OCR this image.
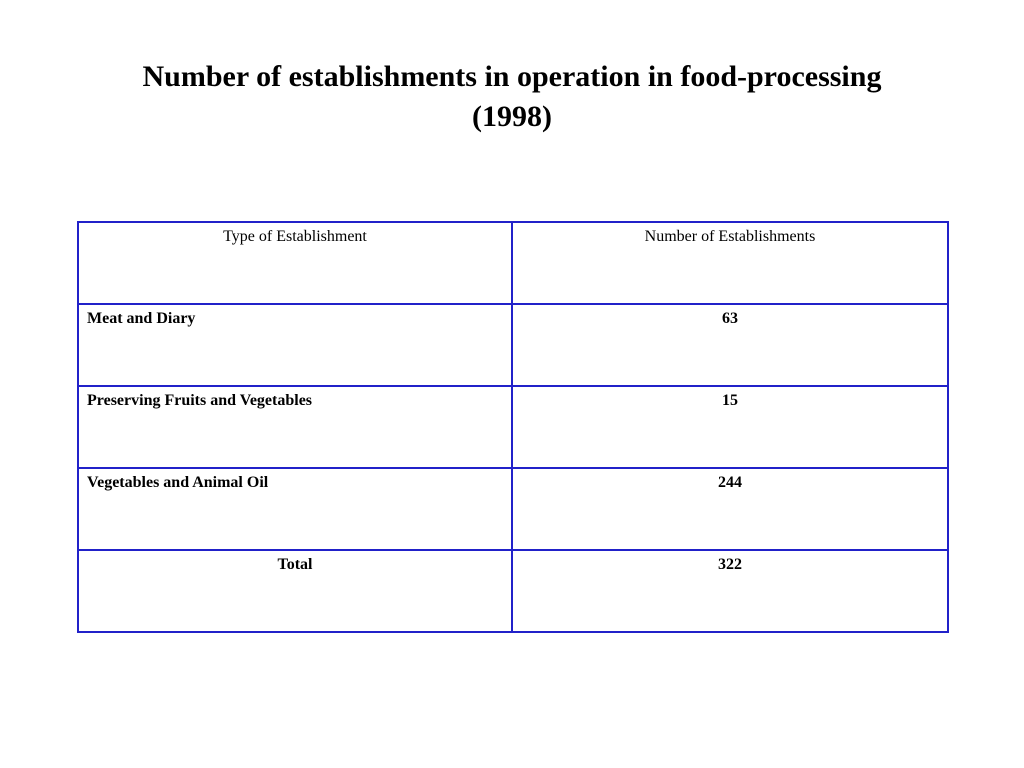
Number of establishments in operation in food-processing
(1998)
Type of Establishment	Number of Establishments
Meat and Diary	63
Preserving Fruits and Vegetables	15
Vegetables and Animal Oil	244
Total	322
